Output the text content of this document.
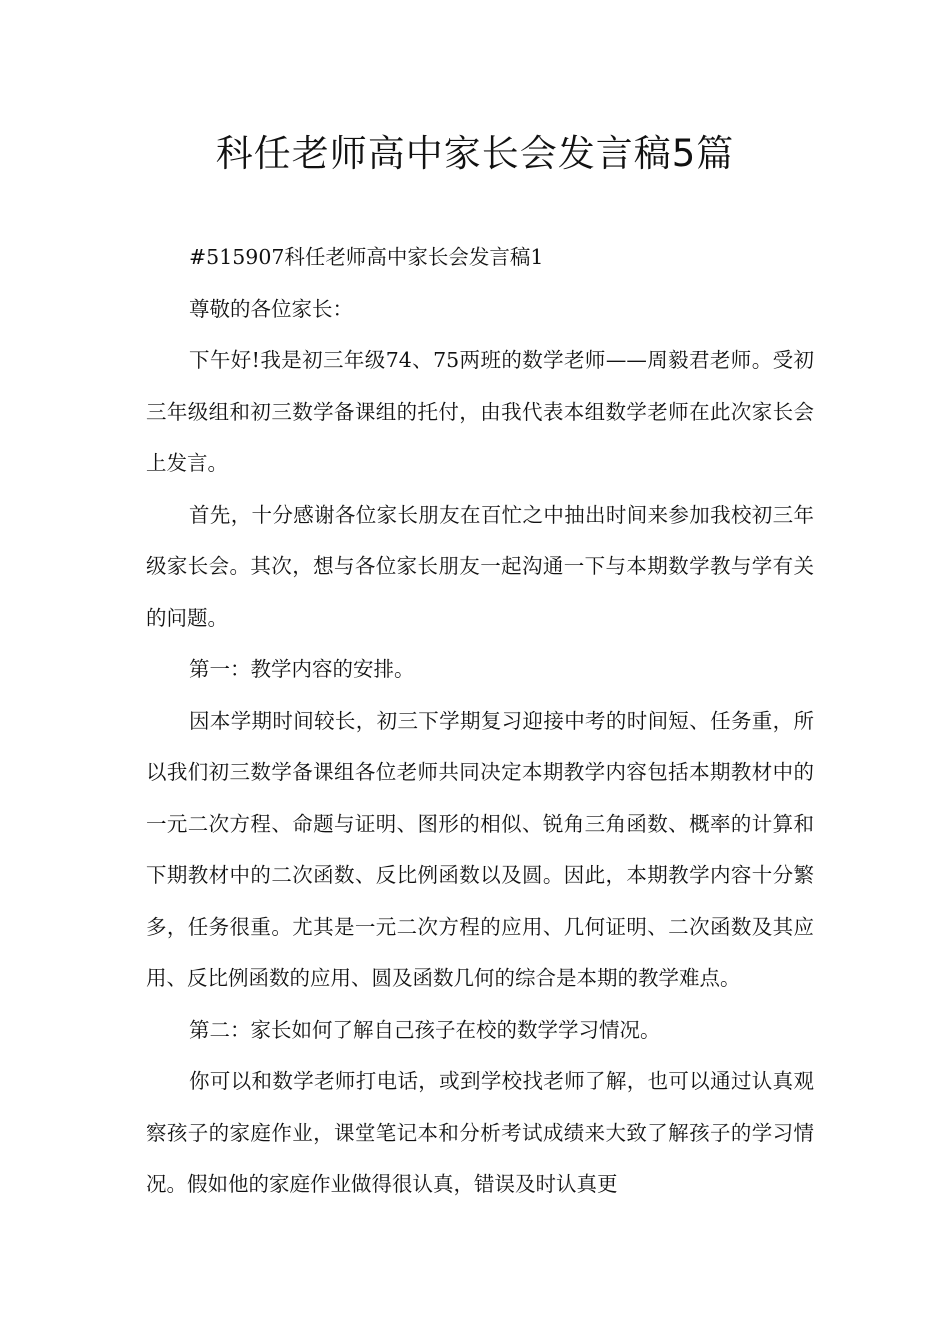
科任老师高中家长会发言稿5篇

#515907科任老师高中家长会发言稿1

尊敬的各位家长：

下午好!我是初三年级74、75两班的数学老师——周毅君老师。受初三年级组和初三数学备课组的托付，由我代表本组数学老师在此次家长会上发言。

首先，十分感谢各位家长朋友在百忙之中抽出时间来参加我校初三年级家长会。其次，想与各位家长朋友一起沟通一下与本期数学教与学有关的问题。

第一：教学内容的安排。

因本学期时间较长，初三下学期复习迎接中考的时间短、任务重，所以我们初三数学备课组各位老师共同决定本期教学内容包括本期教材中的一元二次方程、命题与证明、图形的相似、锐角三角函数、概率的计算和下期教材中的二次函数、反比例函数以及圆。因此，本期教学内容十分繁多，任务很重。尤其是一元二次方程的应用、几何证明、二次函数及其应用、反比例函数的应用、圆及函数几何的综合是本期的教学难点。

第二：家长如何了解自己孩子在校的数学学习情况。

你可以和数学老师打电话，或到学校找老师了解，也可以通过认真观察孩子的家庭作业，课堂笔记本和分析考试成绩来大致了解孩子的学习情况。假如他的家庭作业做得很认真，错误及时认真更
